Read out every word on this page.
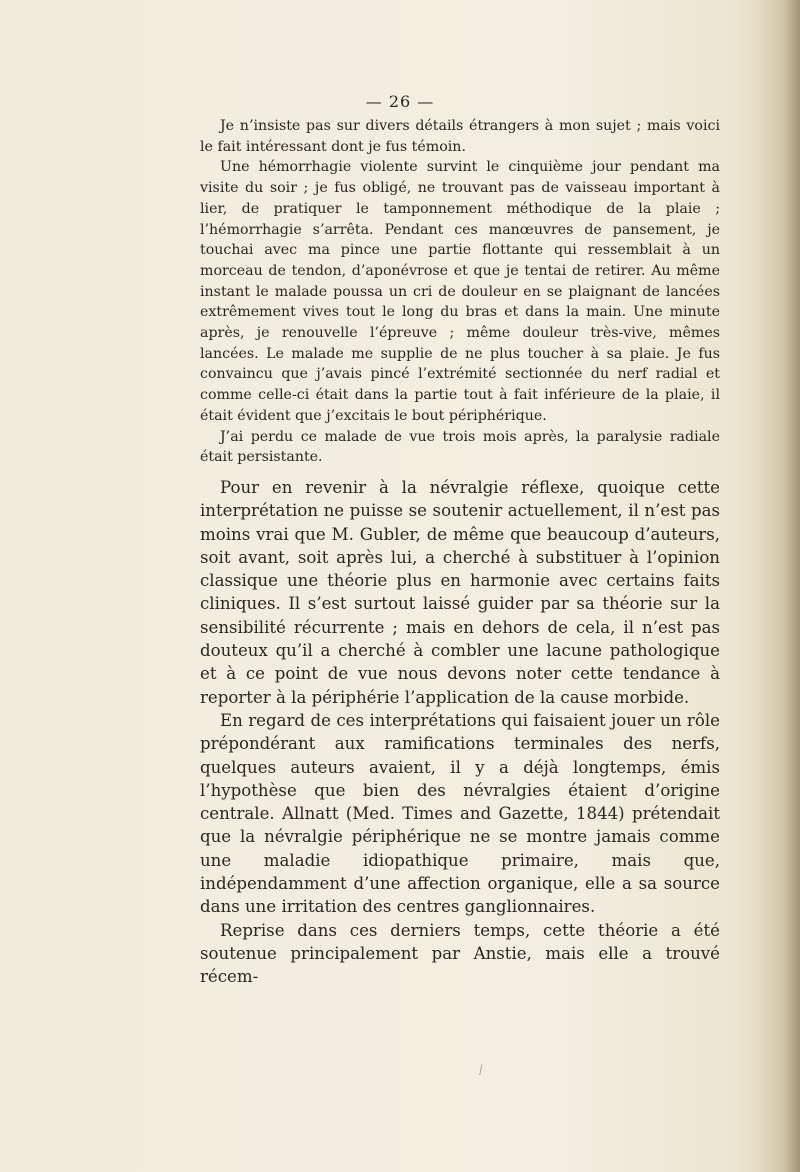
— 26 —

Je n’insiste pas sur divers détails étrangers à mon sujet ; mais voici le fait intéressant dont je fus témoin.

Une hémorrhagie violente survint le cinquième jour pendant ma visite du soir ; je fus obligé, ne trouvant pas de vaisseau important à lier, de pratiquer le tamponnement méthodique de la plaie ; l’hémorrhagie s’arrêta. Pendant ces manœuvres de pansement, je touchai avec ma pince une partie flottante qui ressemblait à un morceau de tendon, d’aponévrose et que je tentai de retirer. Au même instant le malade poussa un cri de douleur en se plaignant de lancées extrêmement vives tout le long du bras et dans la main. Une minute après, je renouvelle l’épreuve ; même douleur très-vive, mêmes lancées. Le malade me supplie de ne plus toucher à sa plaie. Je fus convaincu que j’avais pincé l’extrémité sectionnée du nerf radial et comme celle-ci était dans la partie tout à fait inférieure de la plaie, il était évident que j’excitais le bout périphérique.

J’ai perdu ce malade de vue trois mois après, la paralysie radiale était persistante.

Pour en revenir à la névralgie réflexe, quoique cette interprétation ne puisse se soutenir actuellement, il n’est pas moins vrai que M. Gubler, de même que beaucoup d’auteurs, soit avant, soit après lui, a cherché à substituer à l’opinion classique une théorie plus en harmonie avec certains faits cliniques. Il s’est surtout laissé guider par sa théorie sur la sensibilité récurrente ; mais en dehors de cela, il n’est pas douteux qu’il a cherché à combler une lacune pathologique et à ce point de vue nous devons noter cette tendance à reporter à la périphérie l’application de la cause morbide.

En regard de ces interprétations qui faisaient jouer un rôle prépondérant aux ramifications terminales des nerfs, quelques auteurs avaient, il y a déjà longtemps, émis l’hypothèse que bien des névralgies étaient d’origine centrale. Allnatt (Med. Times and Gazette, 1844) prétendait que la névralgie périphérique ne se montre jamais comme une maladie idiopathique primaire, mais que, indépendamment d’une affection organique, elle a sa source dans une irritation des centres ganglionnaires.

Reprise dans ces derniers temps, cette théorie a été soutenue principalement par Anstie, mais elle a trouvé récem-

⁄
